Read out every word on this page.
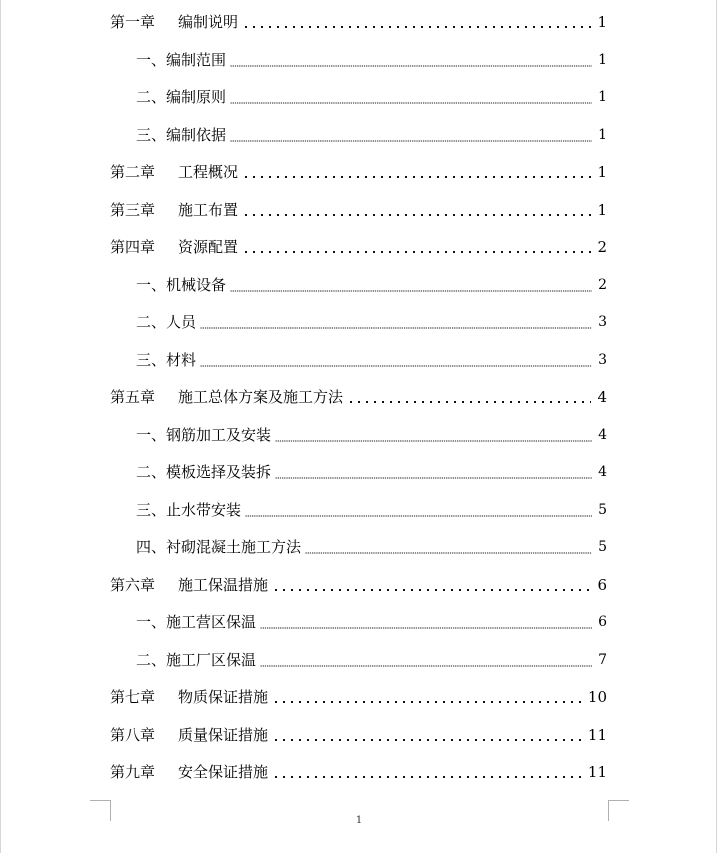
第一章 编制说明	1
一、编制范围	1
二、编制原则	1
三、编制依据	1
第二章 工程概况	1
第三章 施工布置	1
第四章 资源配置	2
一、机械设备	2
二、人员	3
三、材料	3
第五章 施工总体方案及施工方法	4
一、钢筋加工及安装	4
二、模板选择及装拆	4
三、止水带安装	5
四、衬砌混凝土施工方法	5
第六章 施工保温措施	6
一、施工营区保温	6
二、施工厂区保温	7
第七章 物质保证措施	10
第八章 质量保证措施	11
第九章 安全保证措施	11
1
